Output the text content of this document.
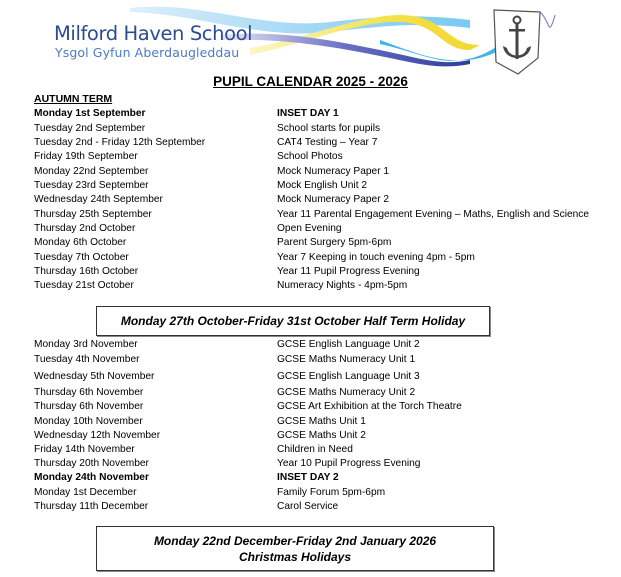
Milford Haven School
Ysgol Gyfun Aberdaugleddau
PUPIL CALENDAR 2025 - 2026
AUTUMN TERM
Monday 1st September	INSET DAY 1
Tuesday 2nd September	School starts for pupils
Tuesday 2nd - Friday 12th September	CAT4 Testing – Year 7
Friday 19th September	School Photos
Monday 22nd September	Mock Numeracy Paper 1
Tuesday 23rd September	Mock English Unit 2
Wednesday 24th September	Mock Numeracy Paper 2
Thursday 25th September	Year 11 Parental Engagement Evening – Maths, English and Science
Thursday 2nd October	Open Evening
Monday 6th October	Parent Surgery 5pm-6pm
Tuesday 7th October	Year 7 Keeping in touch evening 4pm - 5pm
Thursday 16th October	Year 11 Pupil Progress Evening
Tuesday 21st October	Numeracy Nights - 4pm-5pm
Monday 27th October-Friday 31st October Half Term Holiday
Monday 3rd November	GCSE English Language Unit 2
Tuesday 4th November	GCSE Maths Numeracy Unit 1
Wednesday 5th November	GCSE English Language Unit 3
Thursday 6th November	GCSE Maths Numeracy Unit 2
Thursday 6th November	GCSE Art Exhibition at the Torch Theatre
Monday 10th November	GCSE Maths Unit 1
Wednesday 12th November	GCSE Maths Unit 2
Friday 14th November	Children in Need
Thursday 20th November	Year 10 Pupil Progress Evening
Monday 24th November	INSET DAY 2
Monday 1st December	Family Forum 5pm-6pm
Thursday 11th December	Carol Service
Monday 22nd December-Friday 2nd January 2026 Christmas Holidays
